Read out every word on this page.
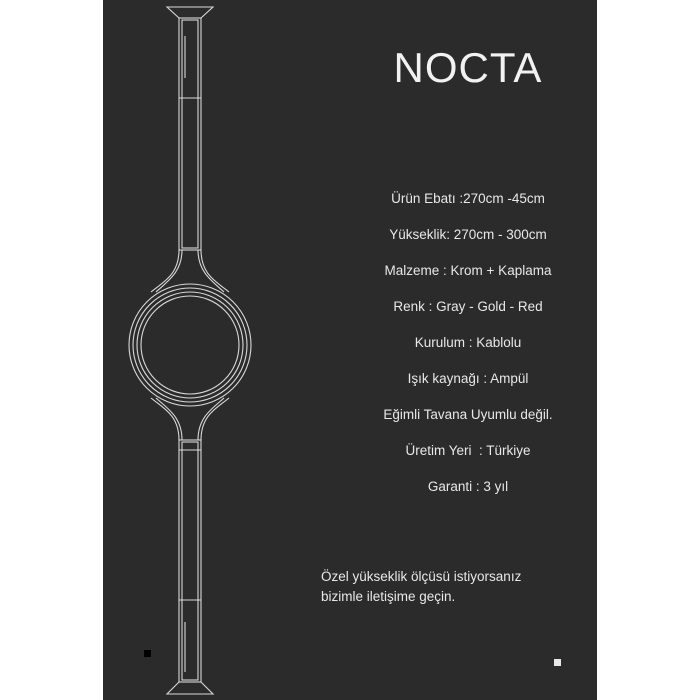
NOCTA
Ürün Ebatı :270cm -45cm
Yükseklik: 270cm - 300cm
Malzeme : Krom + Kaplama
Renk : Gray - Gold - Red
Kurulum : Kablolu
Işık kaynağı : Ampül
Eğimli Tavana Uyumlu değil.
Üretim Yeri  : Türkiye
Garanti : 3 yıl
Özel yükseklik ölçüsü istiyorsanız
bizimle iletişime geçin.
